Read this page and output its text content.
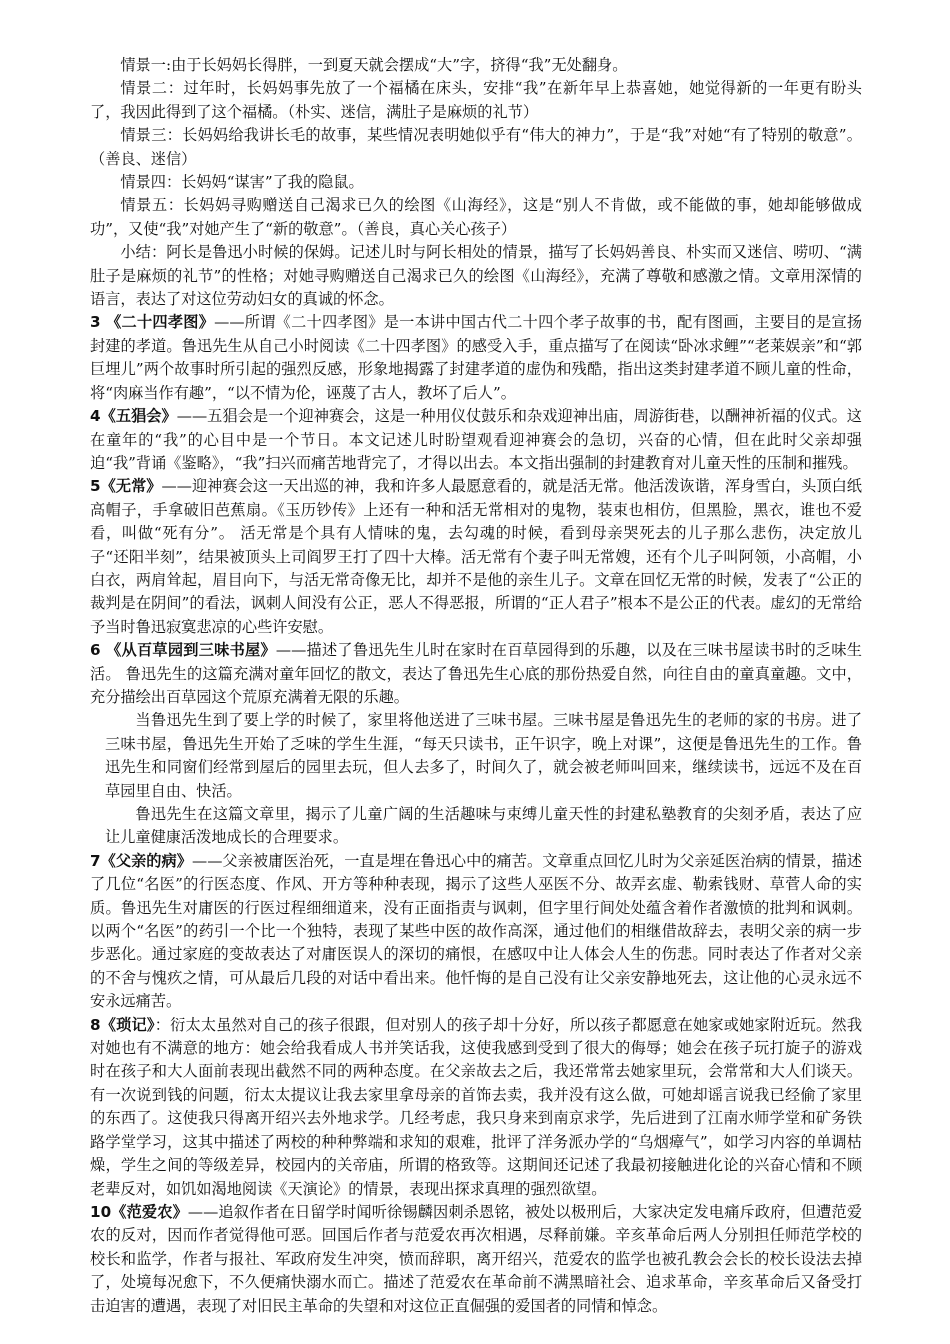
情景一:由于长妈妈长得胖，一到夏天就会摆成“大”字，挤得“我”无处翻身。

情景二：过年时，长妈妈事先放了一个福橘在床头，安排“我”在新年早上恭喜她，她觉得新的一年更有盼头了，我因此得到了这个福橘。（朴实、迷信，满肚子是麻烦的礼节）

情景三：长妈妈给我讲长毛的故事，某些情况表明她似乎有“伟大的神力”，于是“我”对她“有了特别的敬意”。（善良、迷信）

情景四：长妈妈“谋害”了我的隐鼠。

情景五：长妈妈寻购赠送自己渴求已久的绘图《山海经》，这是“别人不肯做，或不能做的事，她却能够做成功”，又使“我”对她产生了“新的敬意”。（善良，真心关心孩子）

小结：阿长是鲁迅小时候的保姆。记述儿时与阿长相处的情景，描写了长妈妈善良、朴实而又迷信、唠叨、“满肚子是麻烦的礼节”的性格；对她寻购赠送自己渴求已久的绘图《山海经》，充满了尊敬和感激之情。文章用深情的语言，表达了对这位劳动妇女的真诚的怀念。

3 《二十四孝图》——所谓《二十四孝图》是一本讲中国古代二十四个孝子故事的书，配有图画，主要目的是宣扬封建的孝道。鲁迅先生从自己小时阅读《二十四孝图》的感受入手，重点描写了在阅读“卧冰求鲤”“老莱娱亲”和“郭巨埋儿”两个故事时所引起的强烈反感，形象地揭露了封建孝道的虚伪和残酷，指出这类封建孝道不顾儿童的性命，将“肉麻当作有趣”，“以不情为伦，诬蔑了古人，教坏了后人”。

4《五猖会》——五猖会是一个迎神赛会，这是一种用仪仗鼓乐和杂戏迎神出庙，周游街巷，以酬神祈福的仪式。这在童年的“我”的心目中是一个节日。本文记述儿时盼望观看迎神赛会的急切，兴奋的心情，但在此时父亲却强迫“我”背诵《鉴略》，“我”扫兴而痛苦地背完了，才得以出去。本文指出强制的封建教育对儿童天性的压制和摧残。

5《无常》——迎神赛会这一天出巡的神，我和许多人最愿意看的，就是活无常。他活泼诙谐，浑身雪白，头顶白纸高帽子，手拿破旧芭蕉扇。《玉历钞传》上还有一种和活无常相对的鬼物，装束也相仿，但黑脸，黑衣，谁也不爱看，叫做“死有分”。 活无常是个具有人情味的鬼，去勾魂的时候，看到母亲哭死去的儿子那么悲伤，决定放儿子“还阳半刻”，结果被顶头上司阎罗王打了四十大棒。活无常有个妻子叫无常嫂，还有个儿子叫阿领，小高帽，小白衣，两肩耸起，眉目向下，与活无常奇像无比，却并不是他的亲生儿子。文章在回忆无常的时候，发表了“公正的裁判是在阴间”的看法，讽刺人间没有公正，恶人不得恶报，所谓的“正人君子”根本不是公正的代表。虚幻的无常给予当时鲁迅寂寞悲凉的心些许安慰。

6 《从百草园到三味书屋》——描述了鲁迅先生儿时在家时在百草园得到的乐趣，以及在三味书屋读书时的乏味生活。 鲁迅先生的这篇充满对童年回忆的散文，表达了鲁迅先生心底的那份热爱自然，向往自由的童真童趣。文中，充分描绘出百草园这个荒原充满着无限的乐趣。

当鲁迅先生到了要上学的时候了，家里将他送进了三味书屋。三味书屋是鲁迅先生的老师的家的书房。进了三味书屋，鲁迅先生开始了乏味的学生生涯，“每天只读书，正午识字，晚上对课”，这便是鲁迅先生的工作。鲁迅先生和同窗们经常到屋后的园里去玩，但人去多了，时间久了，就会被老师叫回来，继续读书，远远不及在百草园里自由、快活。

鲁迅先生在这篇文章里，揭示了儿童广阔的生活趣味与束缚儿童天性的封建私塾教育的尖刻矛盾，表达了应让儿童健康活泼地成长的合理要求。

7《父亲的病》——父亲被庸医治死，一直是埋在鲁迅心中的痛苦。文章重点回忆儿时为父亲延医治病的情景，描述了几位“名医”的行医态度、作风、开方等种种表现，揭示了这些人巫医不分、故弄玄虚、勒索钱财、草菅人命的实质。鲁迅先生对庸医的行医过程细细道来，没有正面指责与讽刺，但字里行间处处蕴含着作者激愤的批判和讽刺。以两个“名医”的药引一个比一个独特，表现了某些中医的故作高深，通过他们的相继借故辞去，表明父亲的病一步步恶化。通过家庭的变故表达了对庸医误人的深切的痛恨，在感叹中让人体会人生的伤悲。同时表达了作者对父亲的不舍与愧疚之情，可从最后几段的对话中看出来。他忏悔的是自己没有让父亲安静地死去，这让他的心灵永远不安永远痛苦。

8《琐记》：衍太太虽然对自己的孩子很跟，但对别人的孩子却十分好，所以孩子都愿意在她家或她家附近玩。然我对她也有不满意的地方：她会给我看成人书并笑话我，这使我感到受到了很大的侮辱；她会在孩子玩打旋子的游戏时在孩子和大人面前表现出截然不同的两种态度。在父亲故去之后，我还常常去她家里玩，会常常和大人们谈天。有一次说到钱的问题，衍太太提议让我去家里拿母亲的首饰去卖，我并没有这么做，可她却谣言说我已经偷了家里的东西了。这使我只得离开绍兴去外地求学。几经考虑，我只身来到南京求学，先后进到了江南水师学堂和矿务铁路学堂学习，这其中描述了两校的种种弊端和求知的艰难，批评了洋务派办学的“乌烟瘴气”，如学习内容的单调枯燥，学生之间的等级差异，校园内的关帝庙，所谓的格致等。这期间还记述了我最初接触进化论的兴奋心情和不顾老辈反对，如饥如渴地阅读《天演论》的情景，表现出探求真理的强烈欲望。

10《范爱农》——追叙作者在日留学时闻听徐锡麟因刺杀恩铭，被处以极刑后，大家决定发电痛斥政府，但遭范爱农的反对，因而作者觉得他可恶。回国后作者与范爱农再次相遇，尽释前嫌。辛亥革命后两人分别担任师范学校的校长和监学，作者与报社、军政府发生冲突，愤而辞职，离开绍兴，范爱农的监学也被孔教会会长的校长设法去掉了，处境每况愈下，不久便痛快溺水而亡。描述了范爱农在革命前不满黑暗社会、追求革命，辛亥革命后又备受打击迫害的遭遇，表现了对旧民主革命的失望和对这位正直倔强的爱国者的同情和悼念。
